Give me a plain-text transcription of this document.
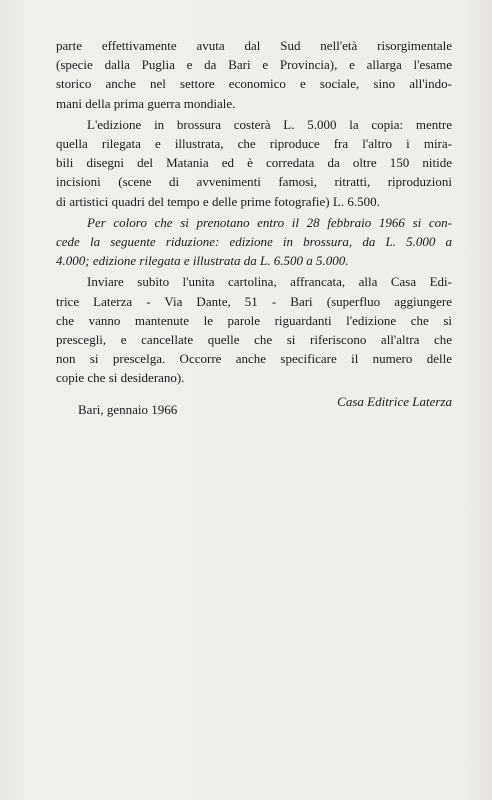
parte effettivamente avuta dal Sud nell'età risorgimentale
(specie dalla Puglia e da Bari e Provincia), e allarga l'esame
storico anche nel settore economico e sociale, sino all'indo-
mani della prima guerra mondiale.

L'edizione in brossura costerà L. 5.000 la copia: mentre
quella rilegata e illustrata, che riproduce fra l'altro i mira-
bili disegni del Matania ed è corredata da oltre 150 nitide
incisioni (scene di avvenimenti famosi, ritratti, riproduzioni
di artistici quadri del tempo e delle prime fotografie) L. 6.500.

Per coloro che si prenotano entro il 28 febbraio 1966 si con-
cede la seguente riduzione: edizione in brossura, da L. 5.000 a
4.000; edizione rilegata e illustrata da L. 6.500 a 5.000.

Inviare subito l'unita cartolina, affrancata, alla Casa Edi-
trice Laterza - Via Dante, 51 - Bari (superfluo aggiungere
che vanno mantenute le parole riguardanti l'edizione che si
prescegli, e cancellate quelle che si riferiscono all'altra che
non si prescelga. Occorre anche specificare il numero delle
copie che si desiderano).

Casa Editrice Laterza
Bari, gennaio 1966
